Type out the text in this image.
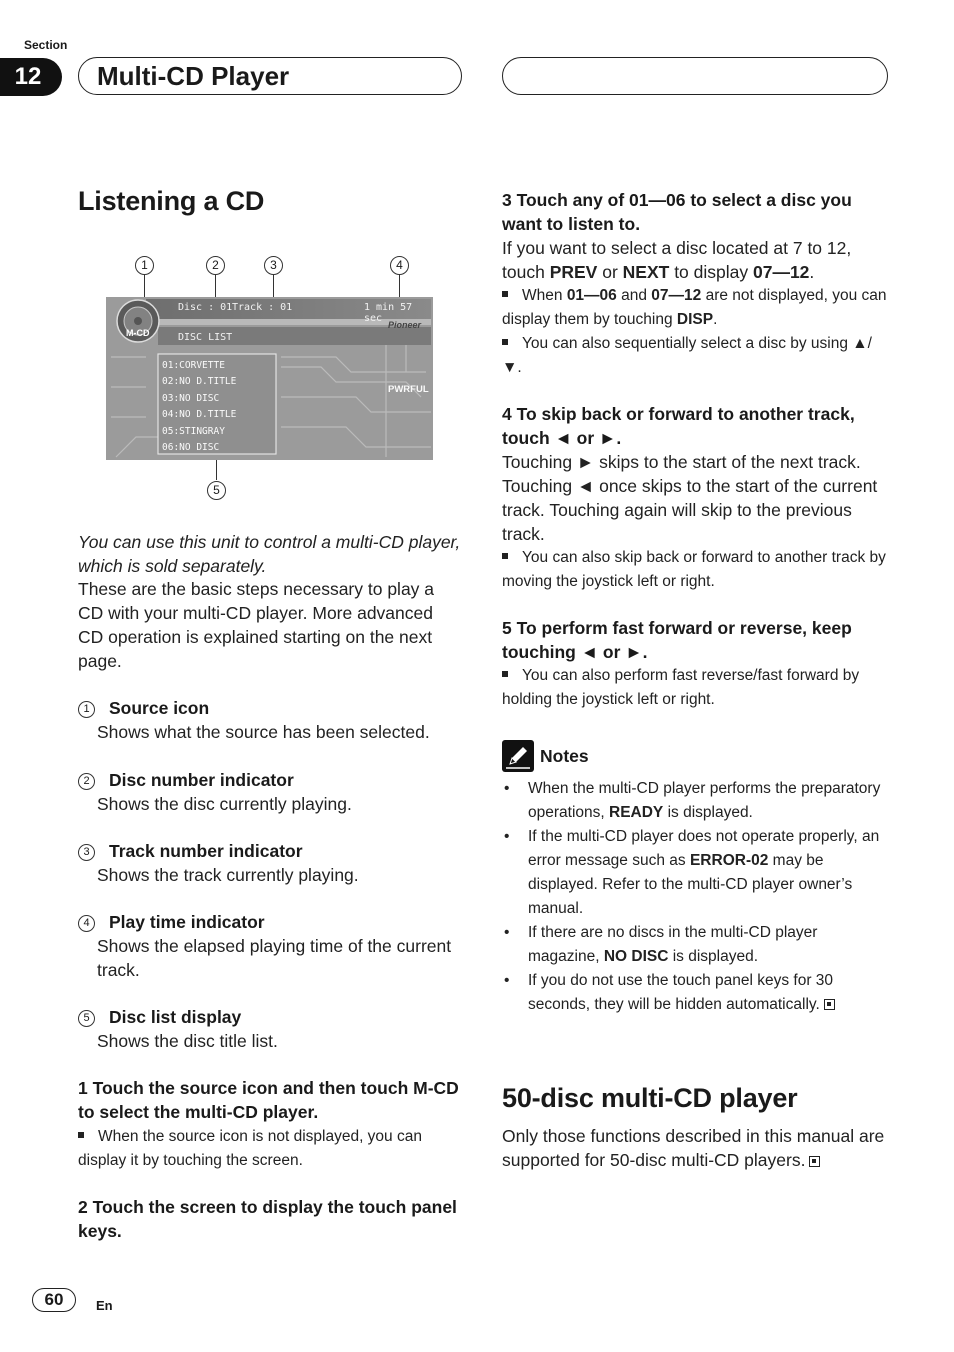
Section
12	Multi-CD Player
Listening a CD
1	2	3	4
5
M-CD
Disc : 01 Track : 01	1 min 57 sec
Pioneer
DISC LIST
01:CORVETTE
02:NO D.TITLE
03:NO DISC
04:NO D.TITLE
05:STINGRAY
06:NO DISC
PWRFUL
You can use this unit to control a multi-CD player, which is sold separately.
These are the basic steps necessary to play a CD with your multi-CD player. More advanced CD operation is explained starting on the next page.
1 Source icon
Shows what the source has been selected.
2 Disc number indicator
Shows the disc currently playing.
3 Track number indicator
Shows the track currently playing.
4 Play time indicator
Shows the elapsed playing time of the current track.
5 Disc list display
Shows the disc title list.
1 Touch the source icon and then touch M-CD to select the multi-CD player.
When the source icon is not displayed, you can display it by touching the screen.
2 Touch the screen to display the touch panel keys.
3 Touch any of 01—06 to select a disc you want to listen to.
If you want to select a disc located at 7 to 12, touch PREV or NEXT to display 07—12.
When 01—06 and 07—12 are not displayed, you can display them by touching DISP.
You can also sequentially select a disc by using ▲/▼.
4 To skip back or forward to another track, touch ◄ or ►.
Touching ► skips to the start of the next track. Touching ◄ once skips to the start of the current track. Touching again will skip to the previous track.
You can also skip back or forward to another track by moving the joystick left or right.
5 To perform fast forward or reverse, keep touching ◄ or ►.
You can also perform fast reverse/fast forward by holding the joystick left or right.
Notes
• When the multi-CD player performs the preparatory operations, READY is displayed.
• If the multi-CD player does not operate properly, an error message such as ERROR-02 may be displayed. Refer to the multi-CD player owner’s manual.
• If there are no discs in the multi-CD player magazine, NO DISC is displayed.
• If you do not use the touch panel keys for 30 seconds, they will be hidden automatically.
50-disc multi-CD player
Only those functions described in this manual are supported for 50-disc multi-CD players.
60	En
